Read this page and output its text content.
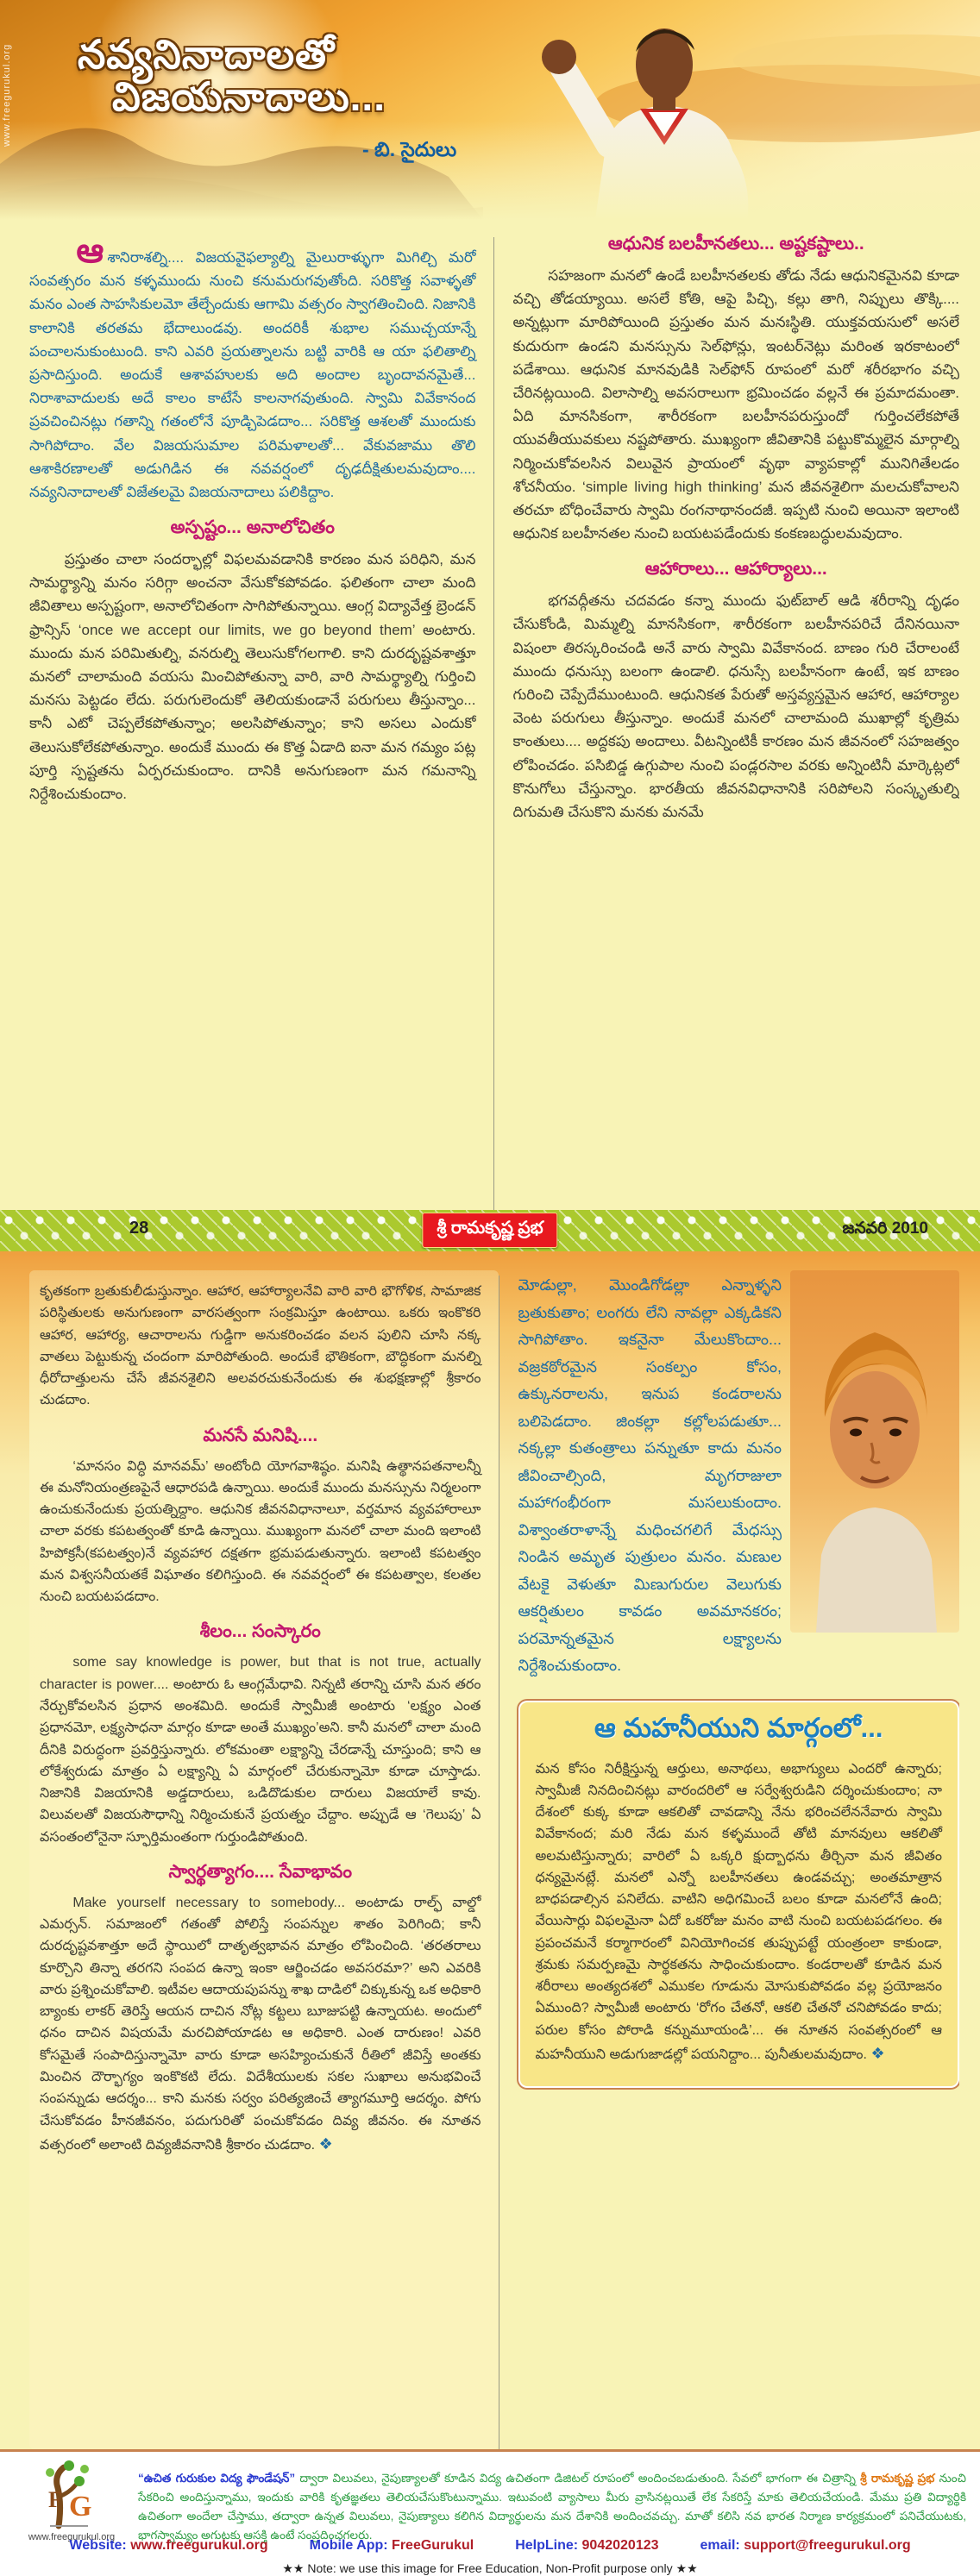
www.freegurukul.org నవ్యనినాదాలతో
విజయనాదాలు...
- బి. సైదులు

ఆశానిరాశల్ని.... విజయవైఫల్యాల్ని మైలురాళ్ళుగా మిగిల్చి మరో సంవత్సరం మన కళ్ళముందు నుంచి కనుమరుగవుతోంది. సరికొత్త సవాళ్ళతో మనం ఎంత సాహసికులమో తేల్చేందుకు ఆగామి వత్సరం స్వాగతించింది. నిజానికి కాలానికి తరతమ భేదాలుండవు. అందరికీ శుభాల సముచ్చయాన్నే పంచాలనుకుంటుంది. కాని ఎవరి ప్రయత్నాలను బట్టి వారికి ఆ యా ఫలితాల్ని ప్రసాదిస్తుంది. అందుకే ఆశావహులకు అది అందాల బృందావనమైతే... నిరాశావాదులకు అదే కాలం కాటేసే కాలనాగవుతుంది. స్వామి వివేకానంద ప్రవచించినట్లు గతాన్ని గతంలోనే పూడ్చిపెడదాం... సరికొత్త ఆశలతో ముందుకు సాగిపోదాం. వేల విజయసుమాల పరిమళాలతో... వేకువజాము తొలి ఆశాకిరణాలతో అడుగిడిన ఈ నవవర్షంలో దృఢదీక్షితులమవుదాం.... నవ్యనినాదాలతో విజేతలమై విజయనాదాలు పలికిద్దాం.

అస్పష్టం... అనాలోచితం

ప్రస్తుతం చాలా సందర్భాల్లో విఫలమవడానికి కారణం మన పరిధిని, మన సామర్థ్యాన్ని మనం సరిగ్గా అంచనా వేసుకోకపోవడం. ఫలితంగా చాలా మంది జీవితాలు అస్పష్టంగా, అనాలోచితంగా సాగిపోతున్నాయి. ఆంగ్ల విద్యావేత్త బ్రెండన్ ఫ్రాన్సిస్ ‘once we accept our limits, we go beyond them’ అంటారు. ముందు మన పరిమితుల్ని, వనరుల్ని తెలుసుకోగలగాలి. కాని దురదృష్టవశాత్తూ మనలో చాలామంది వయసు మించిపోతున్నా వారి, వారి సామర్థ్యాల్ని గుర్తించి మనసు పెట్టడం లేదు. పరుగులెందుకో తెలియకుండానే పరుగులు తీస్తున్నాం... కానీ ఎటో చెప్పలేకపోతున్నాం; అలసిపోతున్నాం; కాని అసలు ఎందుకో తెలుసుకోలేకపోతున్నాం. అందుకే ముందు ఈ కొత్త ఏడాది ఐనా మన గమ్యం పట్ల పూర్తి స్పష్టతను ఏర్పరచుకుందాం. దానికి అనుగుణంగా మన గమనాన్ని నిర్దేశించుకుందాం.

ఆధునిక బలహీనతలు... అష్టకష్టాలు..

సహజంగా మనలో ఉండే బలహీనతలకు తోడు నేడు ఆధునికమైనవి కూడా వచ్చి తోడయ్యాయి. అసలే కోతి, ఆపై పిచ్చి, కల్లు తాగి, నిప్పులు తొక్కి.... అన్నట్లుగా మారిపోయింది ప్రస్తుతం మన మనఃస్థితి. యుక్తవయసులో అసలే కుదురుగా ఉండని మనస్సును సెల్‌ఫోన్లు, ఇంటర్‌నెట్లు మరింత ఇరకాటంలో పడేశాయి. ఆధునిక మానవుడికి సెల్‌ఫోన్ రూపంలో మరో శరీరభాగం వచ్చి చేరినట్లయింది. విలాసాల్ని అవసరాలుగా భ్రమించడం వల్లనే ఈ ప్రమాదమంతా. ఏది మానసికంగా, శారీరకంగా బలహీనపరుస్తుందో గుర్తించలేకపోతే యువతీయువకులు నష్టపోతారు. ముఖ్యంగా జీవితానికి పట్టుకొమ్మలైన మార్గాల్ని నిర్మించుకోవలసిన విలువైన ప్రాయంలో వృథా వ్యాపకాల్లో మునిగితేలడం శోచనీయం. ‘simple living high thinking’ మన జీవనశైలిగా మలచుకోవాలని తరచూ బోధించేవారు స్వామి రంగనాథానందజీ. ఇప్పటి నుంచి అయినా ఇలాంటి ఆధునిక బలహీనతల నుంచి బయటపడేందుకు కంకణబద్ధులమవుదాం.

ఆహారాలు... ఆహార్యాలు...

భగవద్గీతను చదవడం కన్నా ముందు ఫుట్‌బాల్ ఆడి శరీరాన్ని దృఢం చేసుకోండి, మిమ్మల్ని మానసికంగా, శారీరకంగా బలహీనపరిచే దేనినయినా విషంలా తిరస్కరించండి అనే వారు స్వామి వివేకానంద. బాణం గురి చేరాలంటే ముందు ధనుస్సు బలంగా ఉండాలి. ధనుస్సే బలహీనంగా ఉంటే, ఇక బాణం గురించి చెప్పేదేముంటుంది. ఆధునికత పేరుతో అస్తవ్యస్తమైన ఆహార, ఆహార్యాల వెంట పరుగులు తీస్తున్నాం. అందుకే మనలో చాలామంది ముఖాల్లో కృత్రిమ కాంతులు.... అద్దకపు అందాలు. వీటన్నింటికీ కారణం మన జీవనంలో సహజత్వం లోపించడం. పసిబిడ్డ ఉగ్గుపాల నుంచి పండ్లరసాల వరకు అన్నింటినీ మార్కెట్లలో కొనుగోలు చేస్తున్నాం. భారతీయ జీవనవిధానానికి సరిపోలని సంస్కృతుల్ని దిగుమతి చేసుకొని మనకు మనమే

28	శ్రీ రామకృష్ణ ప్రభ	జనవరి 2010

కృతకంగా బ్రతుకులీడుస్తున్నాం. ఆహార, ఆహార్యాలనేవి వారి వారి భౌగోళిక, సామాజిక పరిస్థితులకు అనుగుణంగా వారసత్వంగా సంక్రమిస్తూ ఉంటాయి. ఒకరు ఇంకొకరి ఆహార, ఆహార్య, ఆచారాలను గుడ్డిగా అనుకరించడం వలన పులిని చూసి నక్క వాతలు పెట్టుకున్న చందంగా మారిపోతుంది. అందుకే భౌతికంగా, బౌద్ధికంగా మనల్ని ధీరోదాత్తులను చేసే జీవనశైలిని అలవరచుకునేందుకు ఈ శుభక్షణాల్లో శ్రీకారం చుడదాం.

మనసే మనిషి....

‘మానసం విద్ధి మానవమ్’ అంటోంది యోగవాశిష్ఠం. మనిషి ఉత్థానపతనాలన్నీ ఈ మనోనియంత్రణపైనే ఆధారపడి ఉన్నాయి. అందుకే ముందు మనస్సును నిర్మలంగా ఉంచుకునేందుకు ప్రయత్నిద్దాం. ఆధునిక జీవనవిధానాలూ, వర్తమాన వ్యవహారాలూ చాలా వరకు కపటత్వంతో కూడి ఉన్నాయి. ముఖ్యంగా మనలో చాలా మంది ఇలాంటి హిపోక్రసీ(కపటత్వం)నే వ్యవహార దక్షతగా భ్రమపడుతున్నారు. ఇలాంటి కపటత్వం మన విశ్వసనీయతకే విఘాతం కలిగిస్తుంది. ఈ నవవర్షంలో ఈ కపటత్వాల, కలతల నుంచి బయటపడదాం.

శీలం... సంస్కారం

some say knowledge is power, but that is not true, actually character is power.... అంటారు ఓ ఆంగ్లమేధావి. నిన్నటి తరాన్ని చూసి మన తరం నేర్చుకోవలసిన ప్రధాన అంశమిది. అందుకే స్వామీజీ అంటారు ‘లక్ష్యం ఎంత ప్రధానమో, లక్ష్యసాధనా మార్గం కూడా అంతే ముఖ్యం’అని. కానీ మనలో చాలా మంది దీనికి విరుద్ధంగా ప్రవర్తిస్తున్నారు. లోకమంతా లక్ష్యాన్ని చేరడాన్నే చూస్తుంది; కాని ఆ లోకేశ్వరుడు మాత్రం ఏ లక్ష్యాన్ని ఏ మార్గంలో చేరుకున్నామో కూడా చూస్తాడు. నిజానికి విజయానికి అడ్డదారులు, ఒడిదొడుకుల దారులు విజయాలే కావు. విలువలతో విజయసౌధాన్ని నిర్మించుకునే ప్రయత్నం చేద్దాం. అప్పుడే ఆ ‘గెలుపు’ ఏ వసంతంలోనైనా స్ఫూర్తిమంతంగా గుర్తుండిపోతుంది.

స్వార్థత్యాగం.... సేవాభావం

Make yourself necessary to somebody... అంటాడు రాల్ఫ్ వాల్డో ఎమర్సన్. సమాజంలో గతంతో పోలిస్తే సంపన్నుల శాతం పెరిగింది; కానీ దురదృష్టవశాత్తూ అదే స్థాయిలో దాతృత్వభావన మాత్రం లోపించింది. ‘తరతరాలు కూర్చొని తిన్నా తరగని సంపద ఉన్నా ఇంకా ఆర్జించడం అవసరమా?’ అని ఎవరికి వారు ప్రశ్నించుకోవాలి. ఇటీవల ఆదాయపుపన్ను శాఖ దాడిలో చిక్కుకున్న ఒక అధికారి బ్యాంకు లాకర్ తెరిస్తే ఆయన దాచిన నోట్ల కట్టలు బూజుపట్టి ఉన్నాయట. అందులో ధనం దాచిన విషయమే మరచిపోయాడట ఆ అధికారి. ఎంత దారుణం! ఎవరి కోసమైతే సంపాదిస్తున్నామో వారు కూడా అసహ్యించుకునే రీతిలో జీవిస్తే అంతకు మించిన దౌర్భాగ్యం ఇంకొకటి లేదు. విదేశీయులకు సకల సుఖాలు అనుభవించే సంపన్నుడు ఆదర్శం... కాని మనకు సర్వం పరిత్యజించే త్యాగమూర్తి ఆదర్శం. పోగు చేసుకోవడం హీనజీవనం, పదుగురితో పంచుకోవడం దివ్య జీవనం. ఈ నూతన వత్సరంలో అలాంటి దివ్యజీవనానికి శ్రీకారం చుడదాం. ❖

మోడుల్లా, మొండిగోడల్లా ఎన్నాళ్ళని బ్రతుకుతాం; లంగరు లేని నావల్లా ఎక్కడికని సాగిపోతాం. ఇకనైనా మేలుకొందాం... వజ్రకఠోరమైన సంకల్పం కోసం, ఉక్కునరాలను, ఇనుప కండరాలను బలిపెడదాం. జింకల్లా కల్లోలపడుతూ... నక్కల్లా కుతంత్రాలు పన్నుతూ కాదు మనం జీవించాల్సింది, మృగరాజులా మహాగంభీరంగా మసలుకుందాం. విశ్వాంతరాళాన్నే మధించగలిగే మేధస్సు నిండిన అమృత పుత్రులం మనం. మణుల వేటకై వెళుతూ మిణుగురుల వెలుగుకు ఆకర్షితులం కావడం అవమానకరం; పరమోన్నతమైన లక్ష్యాలను నిర్దేశించుకుందాం.

ఆ మహనీయుని మార్గంలో...

మన కోసం నిరీక్షిస్తున్న ఆర్తులు, అనాథలు, అభాగ్యులు ఎందరో ఉన్నారు; స్వామీజీ నినదించినట్లు వారందరిలో ఆ సర్వేశ్వరుడిని దర్శించుకుందాం; నా దేశంలో కుక్క కూడా ఆకలితో చావడాన్ని నేను భరించలేననేవారు స్వామి వివేకానంద; మరి నేడు మన కళ్ళముందే తోటి మానవులు ఆకలితో అలమటిస్తున్నారు; వారిలో ఏ ఒక్కరి క్షుద్బాధను తీర్చినా మన జీవితం ధన్యమైనట్లే. మనలో ఎన్నో బలహీనతలు ఉండవచ్చు; అంతమాత్రాన బాధపడాల్సిన పనిలేదు. వాటిని అధిగమించే బలం కూడా మనలోనే ఉంది; వేయిసార్లు విఫలమైనా ఏదో ఒకరోజు మనం వాటి నుంచి బయటపడగలం. ఈ ప్రపంచమనే కర్మాగారంలో వినియోగించక తుప్పుపట్టే యంత్రంలా కాకుండా, శ్రమకు సమర్పణమై సార్థకతను సాధించుకుందాం. కండరాలతో కూడిన మన శరీరాలు అంత్యదశలో ఎముకల గూడును మోసుకుపోవడం వల్ల ప్రయోజనం ఏముంది? స్వామీజీ అంటారు ‘రోగం చేతనో, ఆకలి చేతనో చనిపోవడం కాదు; పరుల కోసం పోరాడి కన్నుమూయండి’... ఈ నూతన సంవత్సరంలో ఆ మహనీయుని అడుగుజాడల్లో పయనిద్దాం... పునీతులమవుదాం. ❖

G
F
www.freegurukul.org

“ఉచిత గురుకుల విద్య ఫౌండేషన్” ద్వారా విలువలు, నైపుణ్యాలతో కూడిన విద్య ఉచితంగా డిజిటల్ రూపంలో అందించబడుతుంది. సేవలో భాగంగా ఈ చిత్రాన్ని శ్రీ రామకృష్ణ ప్రభ నుంచి సేకరించి అందిస్తున్నాము, ఇందుకు వారికి కృతజ్ఞతలు తెలియచేసుకొంటున్నాము. ఇటువంటి వ్యాసాలు మీరు వ్రాసినట్లయితే లేక సేకరిస్తే మాకు తెలియచేయండి. మేము ప్రతి విద్యార్థికి ఉచితంగా అందేలా చేస్తాము, తద్వారా ఉన్నత విలువలు, నైపుణ్యాలు కలిగిన విద్యార్థులను మన దేశానికి అందించవచ్చు. మాతో కలిసి నవ భారత నిర్మాణ కార్యక్రమంలో పనిచేయుటకు, భాగస్వామ్యం అగుటకు ఆసక్తి ఉంటే సంప్రదించగలరు.

Website: www.freegurukul.org	Mobile App: FreeGurukul	HelpLine: 9042020123	email: support@freegurukul.org
★★ Note: we use this image for Free Education, Non-Profit purpose only ★★
